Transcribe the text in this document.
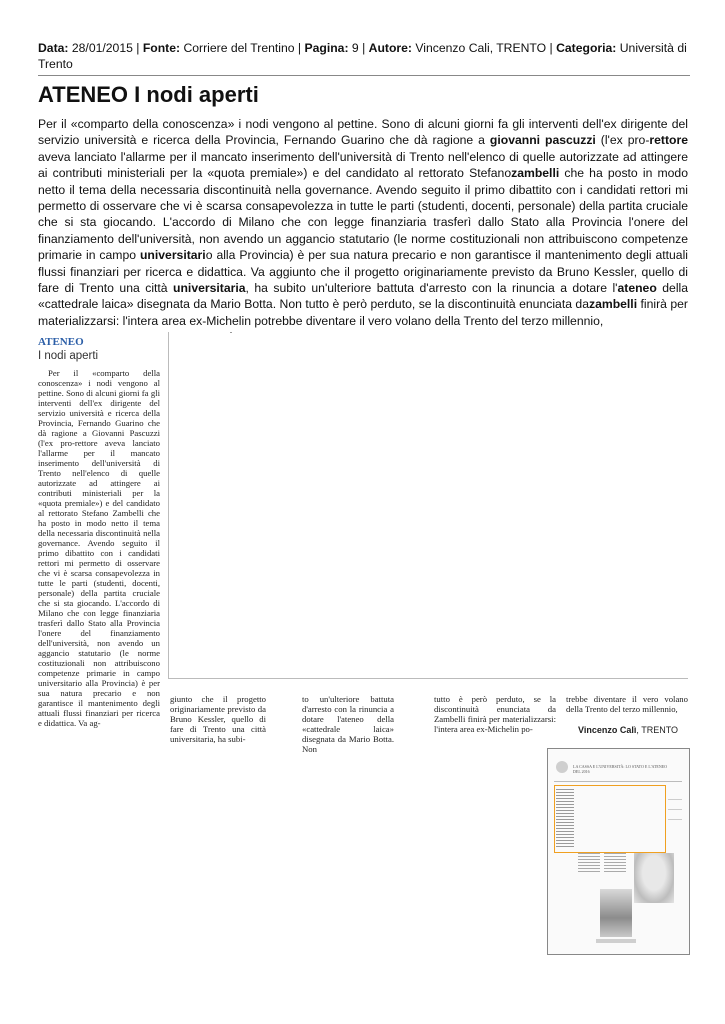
Data: 28/01/2015 | Fonte: Corriere del Trentino | Pagina: 9 | Autore: Vincenzo Cali, TRENTO | Categoria: Università di Trento
ATENEO I nodi aperti
Per il «comparto della conoscenza» i nodi vengono al pettine. Sono di alcuni giorni fa gli interventi dell'ex dirigente del servizio università e ricerca della Provincia, Fernando Guarino che dà ragione a giovanni pascuzzi (l'ex pro-rettore aveva lanciato l'allarme per il mancato inserimento dell'università di Trento nell'elenco di quelle autorizzate ad attingere ai contributi ministeriali per la «quota premiale») e del candidato al rettorato Stefanozambelli che ha posto in modo netto il tema della necessaria discontinuità nella governance. Avendo seguito il primo dibattito con i candidati rettori mi permetto di osservare che vi è scarsa consapevolezza in tutte le parti (studenti, docenti, personale) della partita cruciale che si sta giocando. L'accordo di Milano che con legge finanziaria trasferì dallo Stato alla Provincia l'onere del finanziamento dell'università, non avendo un aggancio statutario (le norme costituzionali non attribuiscono competenze primarie in campo universitario alla Provincia) è per sua natura precario e non garantisce il mantenimento degli attuali flussi finanziari per ricerca e didattica. Va aggiunto che il progetto originariamente previsto da Bruno Kessler, quello di fare di Trento una città universitaria, ha subito un'ulteriore battuta d'arresto con la rinuncia a dotare l'ateneo della «cattedrale laica» disegnata da Mario Botta. Non tutto è però perduto, se la discontinuità enunciata dazambelli finirà per materializzarsi: l'intera area ex-Michelin potrebbe diventare il vero volano della Trento del terzo millennio,
ATENEO
I nodi aperti

Per il «comparto della conoscenza» i nodi vengono al pettine. Sono di alcuni giorni fa gli interventi dell'ex dirigente del servizio università e ricerca della Provincia, Fernando Guarino che dà ragione a Giovanni Pascuzzi (l'ex pro-rettore aveva lanciato l'allarme per il mancato inserimento dell'università di Trento nell'elenco di quelle autorizzate ad attingere ai contributi ministeriali per la «quota premiale») e del candidato al rettorato Stefano Zambelli che ha posto in modo netto il tema della necessaria discontinuità nella governance. Avendo seguito il primo dibattito con i candidati rettori mi permetto di osservare che vi è scarsa consapevolezza in tutte le parti (studenti, docenti, personale) della partita cruciale che si sta giocando. L'accordo di Milano che con legge finanziaria trasferì dallo Stato alla Provincia l'onere del finanziamento dell'università, non avendo un aggancio statutario (le norme costituzionali non attribuiscono competenze primarie in campo universitario alla Provincia) è per sua natura precario e non garantisce il mantenimento degli attuali flussi finanziari per ricerca e didattica. Va ag-

giunto che il progetto originariamente previsto da Bruno Kessler, quello di fare di Trento una città universitaria, ha subi-

to un'ulteriore battuta d'arresto con la rinuncia a dotare l'ateneo della «cattedrale laica» disegnata da Mario Botta. Non

tutto è però perduto, se la discontinuità enunciata da Zambelli finirà per materializzarsi: l'intera area ex-Michelin po-

trebbe diventare il vero volano della Trento del terzo millennio,

Vincenzo Calì, TRENTO
LA CASSA E L'UNIVERSITÀ: LO STATO E L'ATENEO DEL 2016
